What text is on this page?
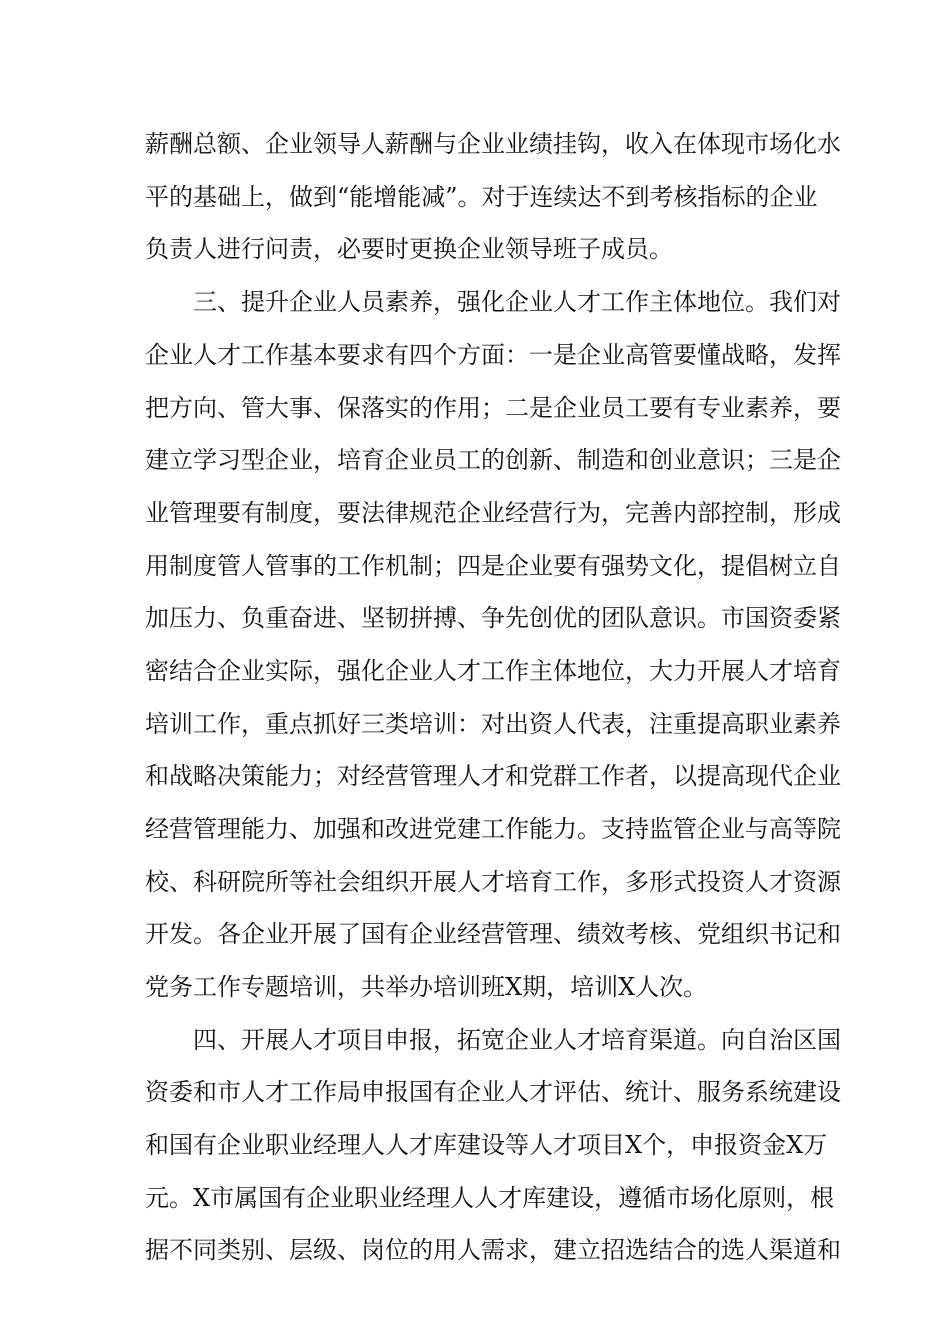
薪酬总额、企业领导人薪酬与企业业绩挂钩，收入在体现市场化水
平的基础上，做到“能增能减”。对于连续达不到考核指标的企业
负责人进行问责，必要时更换企业领导班子成员。
三、提升企业人员素养，强化企业人才工作主体地位。我们对
企业人才工作基本要求有四个方面：一是企业高管要懂战略，发挥
把方向、管大事、保落实的作用；二是企业员工要有专业素养，要
建立学习型企业，培育企业员工的创新、制造和创业意识；三是企
业管理要有制度，要法律规范企业经营行为，完善内部控制，形成
用制度管人管事的工作机制；四是企业要有强势文化，提倡树立自
加压力、负重奋进、坚韧拼搏、争先创优的团队意识。市国资委紧
密结合企业实际，强化企业人才工作主体地位，大力开展人才培育
培训工作，重点抓好三类培训：对出资人代表，注重提高职业素养
和战略决策能力；对经营管理人才和党群工作者，以提高现代企业
经营管理能力、加强和改进党建工作能力。支持监管企业与高等院
校、科研院所等社会组织开展人才培育工作，多形式投资人才资源
开发。各企业开展了国有企业经营管理、绩效考核、党组织书记和
党务工作专题培训，共举办培训班X期，培训X人次。
四、开展人才项目申报，拓宽企业人才培育渠道。向自治区国
资委和市人才工作局申报国有企业人才评估、统计、服务系统建设
和国有企业职业经理人人才库建设等人才项目X个，申报资金X万
元。X市属国有企业职业经理人人才库建设，遵循市场化原则，根
据不同类别、层级、岗位的用人需求，建立招选结合的选人渠道和
